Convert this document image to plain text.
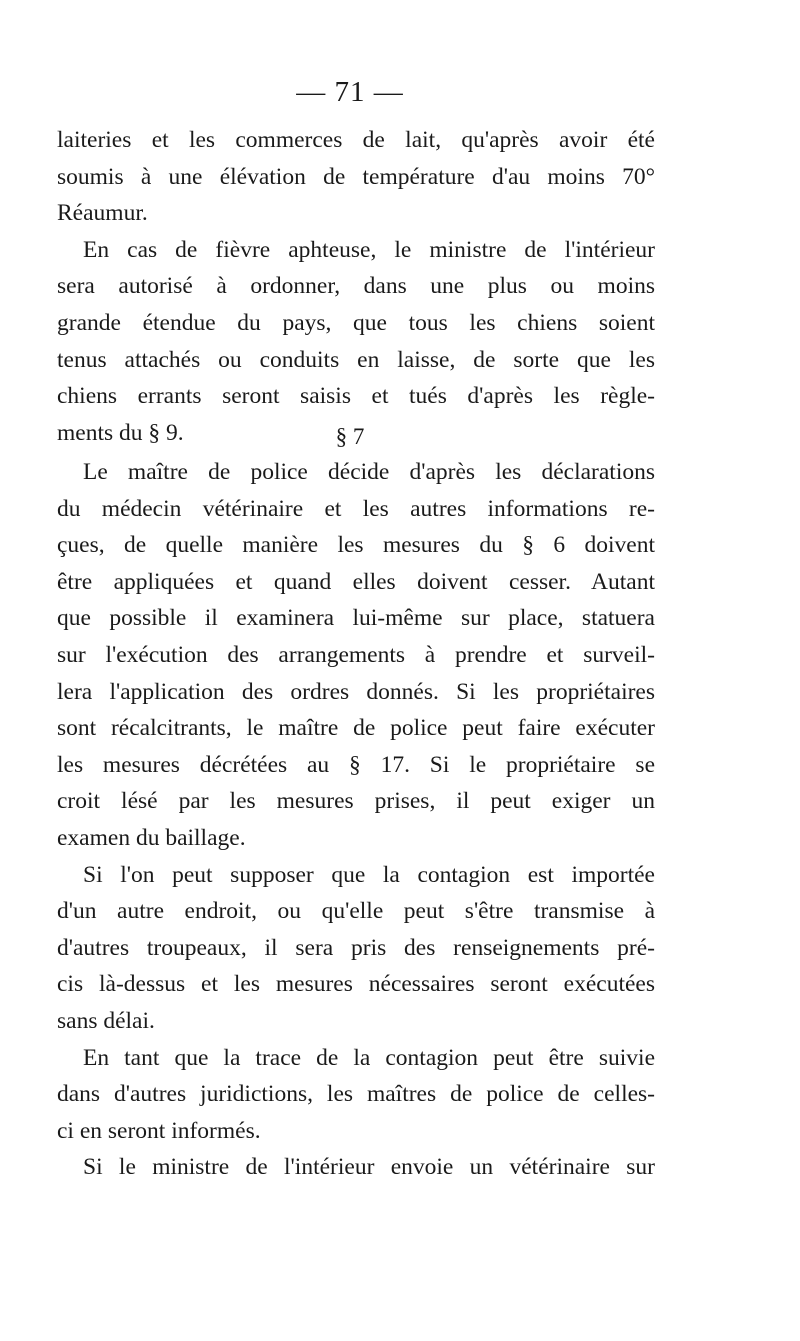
— 71 —
laiteries et les commerces de lait, qu'après avoir été
soumis à une élévation de température d'au moins 70°
Réaumur.
En cas de fièvre aphteuse, le ministre de l'intérieur
sera autorisé à ordonner, dans une plus ou moins
grande étendue du pays, que tous les chiens soient
tenus attachés ou conduits en laisse, de sorte que les
chiens errants seront saisis et tués d'après les règle-
ments du § 9.	§ 7
Le maître de police décide d'après les déclarations
du médecin vétérinaire et les autres informations re-
çues, de quelle manière les mesures du § 6 doivent
être appliquées et quand elles doivent cesser. Autant
que possible il examinera lui-même sur place, statuera
sur l'exécution des arrangements à prendre et surveil-
lera l'application des ordres donnés. Si les propriétaires
sont récalcitrants, le maître de police peut faire exécuter
les mesures décrétées au § 17. Si le propriétaire se
croit lésé par les mesures prises, il peut exiger un
examen du baillage.
Si l'on peut supposer que la contagion est importée
d'un autre endroit, ou qu'elle peut s'être transmise à
d'autres troupeaux, il sera pris des renseignements pré-
cis là-dessus et les mesures nécessaires seront exécutées
sans délai.
En tant que la trace de la contagion peut être suivie
dans d'autres juridictions, les maîtres de police de celles-
ci en seront informés.
Si le ministre de l'intérieur envoie un vétérinaire sur
